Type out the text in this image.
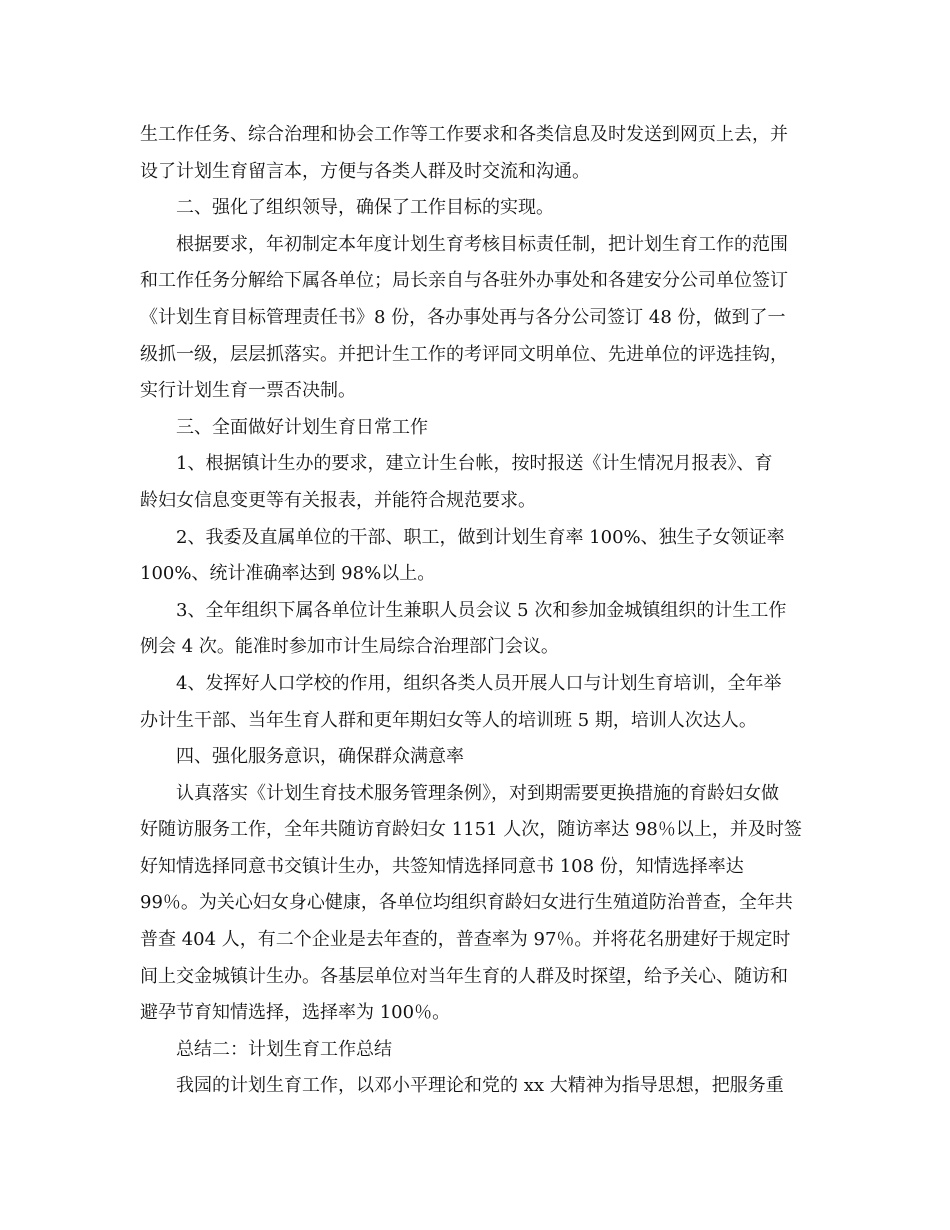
生工作任务、综合治理和协会工作等工作要求和各类信息及时发送到网页上去，并
设了计划生育留言本，方便与各类人群及时交流和沟通。
二、强化了组织领导，确保了工作目标的实现。
根据要求，年初制定本年度计划生育考核目标责任制，把计划生育工作的范围
和工作任务分解给下属各单位；局长亲自与各驻外办事处和各建安分公司单位签订
《计划生育目标管理责任书》8 份，各办事处再与各分公司签订 48 份，做到了一
级抓一级，层层抓落实。并把计生工作的考评同文明单位、先进单位的评选挂钩，
实行计划生育一票否决制。
三、全面做好计划生育日常工作
1、根据镇计生办的要求，建立计生台帐，按时报送《计生情况月报表》、育
龄妇女信息变更等有关报表，并能符合规范要求。
2、我委及直属单位的干部、职工，做到计划生育率 100%、独生子女领证率
100%、统计准确率达到 98%以上。
3、全年组织下属各单位计生兼职人员会议 5 次和参加金城镇组织的计生工作
例会 4 次。能准时参加市计生局综合治理部门会议。
4、发挥好人口学校的作用，组织各类人员开展人口与计划生育培训，全年举
办计生干部、当年生育人群和更年期妇女等人的培训班 5 期，培训人次达人。
四、强化服务意识，确保群众满意率
认真落实《计划生育技术服务管理条例》，对到期需要更换措施的育龄妇女做
好随访服务工作，全年共随访育龄妇女 1151 人次，随访率达 98％以上，并及时签
好知情选择同意书交镇计生办，共签知情选择同意书 108 份，知情选择率达
99％。为关心妇女身心健康，各单位均组织育龄妇女进行生殖道防治普查，全年共
普查 404 人，有二个企业是去年查的，普查率为 97％。并将花名册建好于规定时
间上交金城镇计生办。各基层单位对当年生育的人群及时探望，给予关心、随访和
避孕节育知情选择，选择率为 100％。
总结二：计划生育工作总结
我园的计划生育工作，以邓小平理论和党的 xx 大精神为指导思想，把服务重
